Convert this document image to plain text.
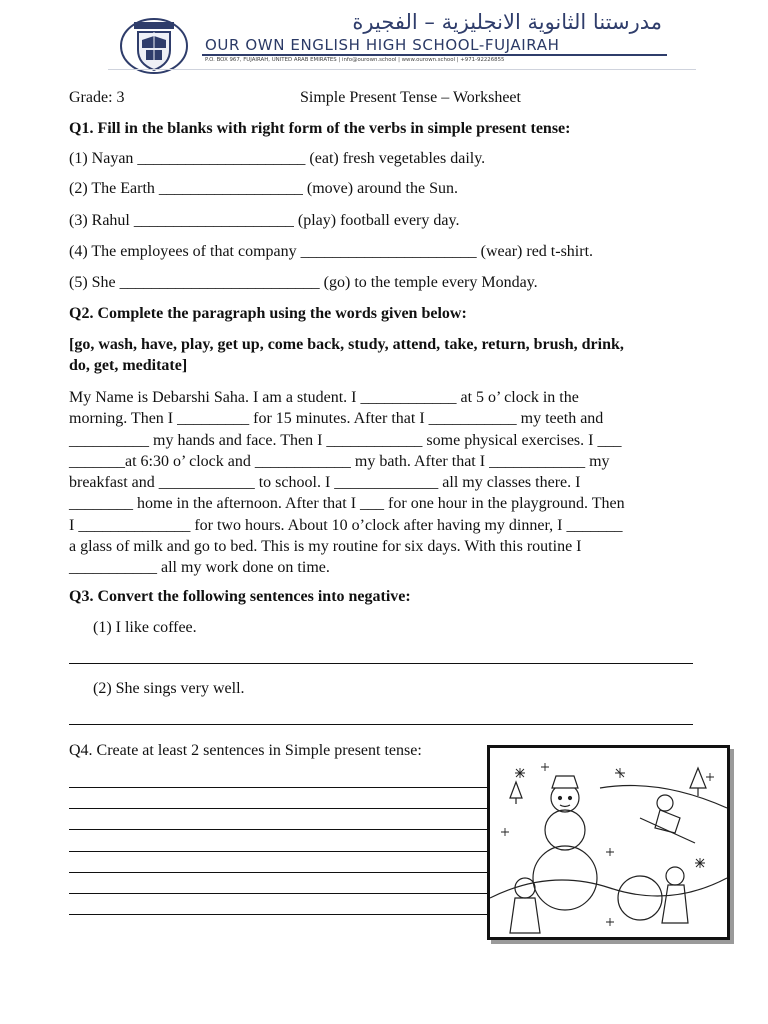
مدرستنا الثانوية الانجليزية – الفجيرة
OUR OWN ENGLISH HIGH SCHOOL-FUJAIRAH
P.O. BOX 967, FUJAIRAH, UNITED ARAB EMIRATES | info@ourown.school | www.ourown.school | +971-92226855
Grade: 3	Simple Present Tense – Worksheet
Q1. Fill in the blanks with right form of the verbs in simple present tense:
(1) Nayan _____________________ (eat) fresh vegetables daily.
(2) The Earth __________________ (move) around the Sun.
(3) Rahul ____________________ (play) football every day.
(4) The employees of that company ______________________ (wear) red t-shirt.
(5) She _________________________ (go) to the temple every Monday.
Q2. Complete the paragraph using the words given below:
[go, wash, have, play, get up, come back, study, attend, take, return, brush, drink,
do, get, meditate]
My Name is Debarshi Saha. I am a student. I ____________ at 5 o’ clock in the
morning. Then I _________ for 15 minutes. After that I ___________ my teeth and
__________ my hands and face. Then I ____________ some physical exercises. I ___
_______at 6:30 o’ clock and ____________ my bath. After that I ____________ my
breakfast and ____________ to school. I _____________ all my classes there. I
________ home in the afternoon. After that I ___ for one hour in the playground. Then
I ______________ for two hours. About 10 o’clock after having my dinner, I _______
a glass of milk and go to bed. This is my routine for six days. With this routine I
___________ all my work done on time.
Q3. Convert the following sentences into negative:
(1) I like coffee.
(2) She sings very well.
Q4. Create at least 2 sentences in Simple present tense:
